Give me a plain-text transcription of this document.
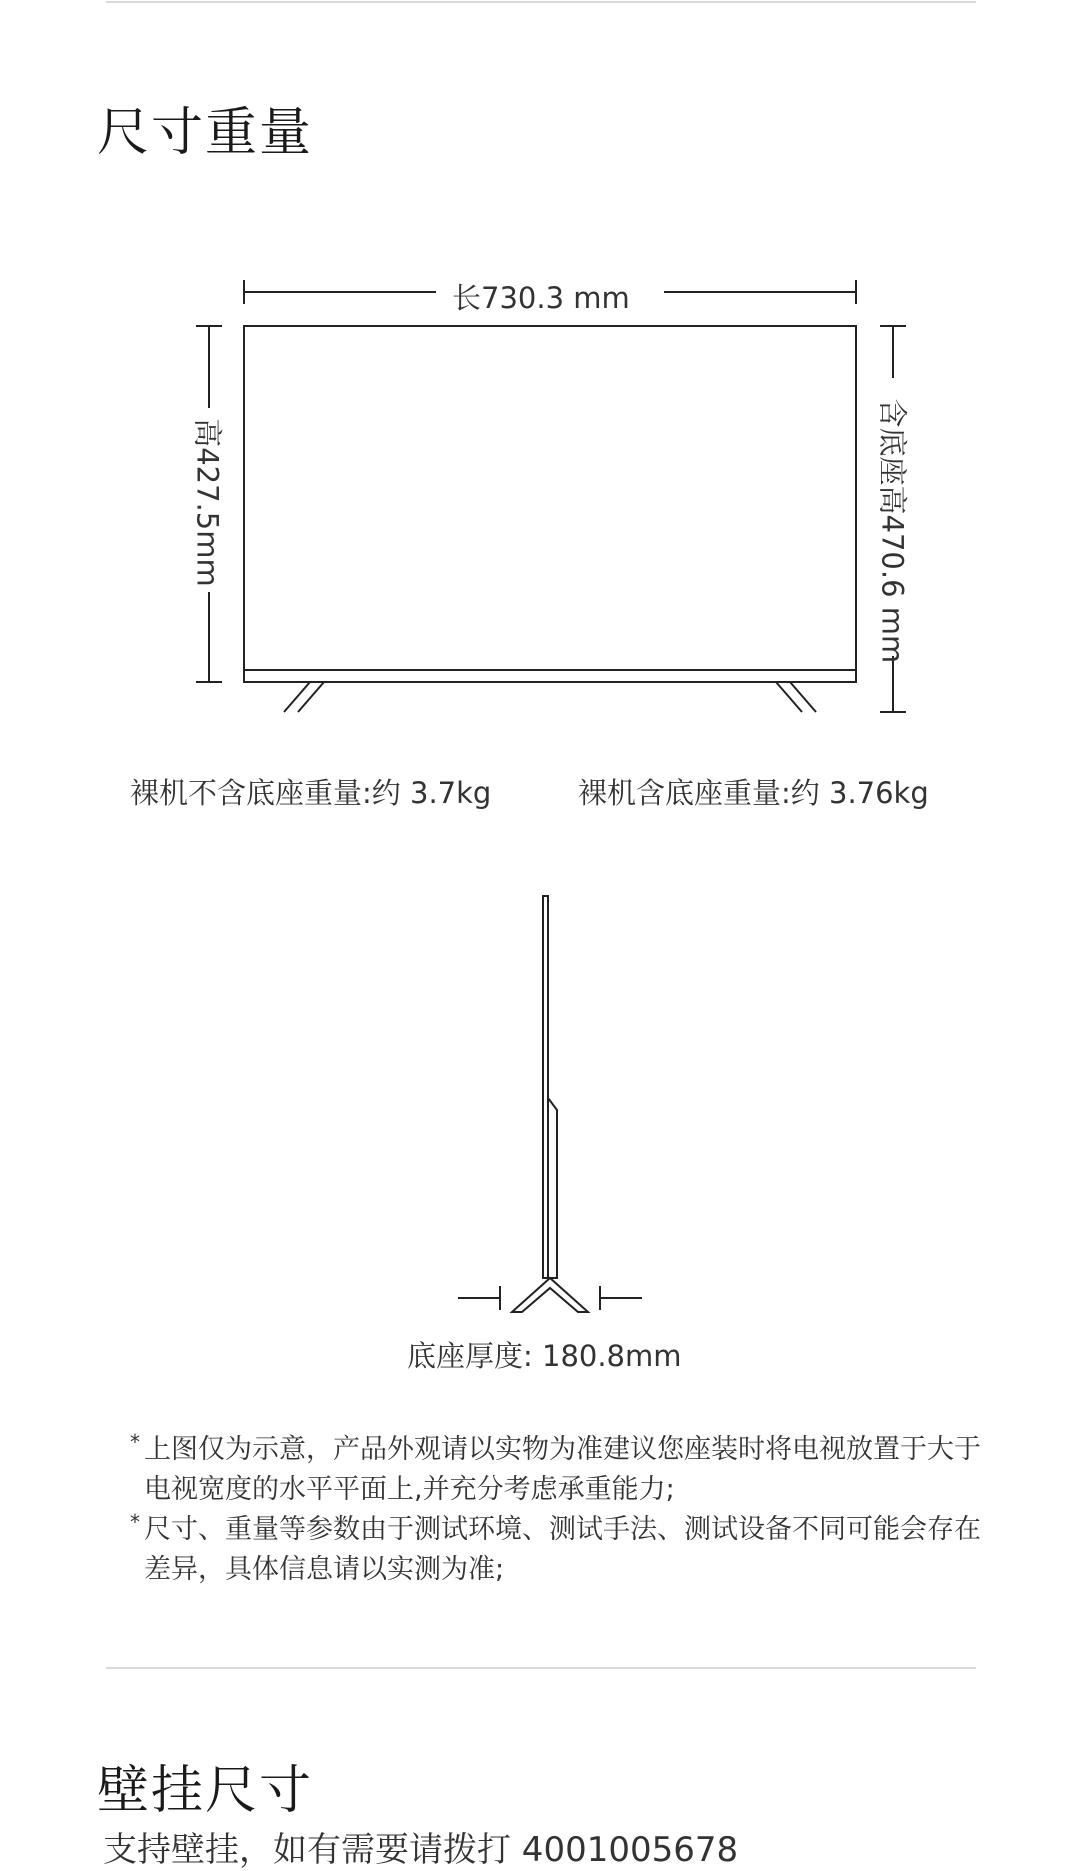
尺寸重量
长730.3 mm
高427.5mm	含底座高470.6 mm
裸机不含底座重量:约 3.7kg	裸机含底座重量:约 3.76kg
底座厚度: 180.8mm
* 上图仅为示意，产品外观请以实物为准建议您座装时将电视放置于大于电视宽度的水平平面上,并充分考虑承重能力;
* 尺寸、重量等参数由于测试环境、测试手法、测试设备不同可能会存在差异，具体信息请以实测为准;
壁挂尺寸
支持壁挂，如有需要请拨打 4001005678
